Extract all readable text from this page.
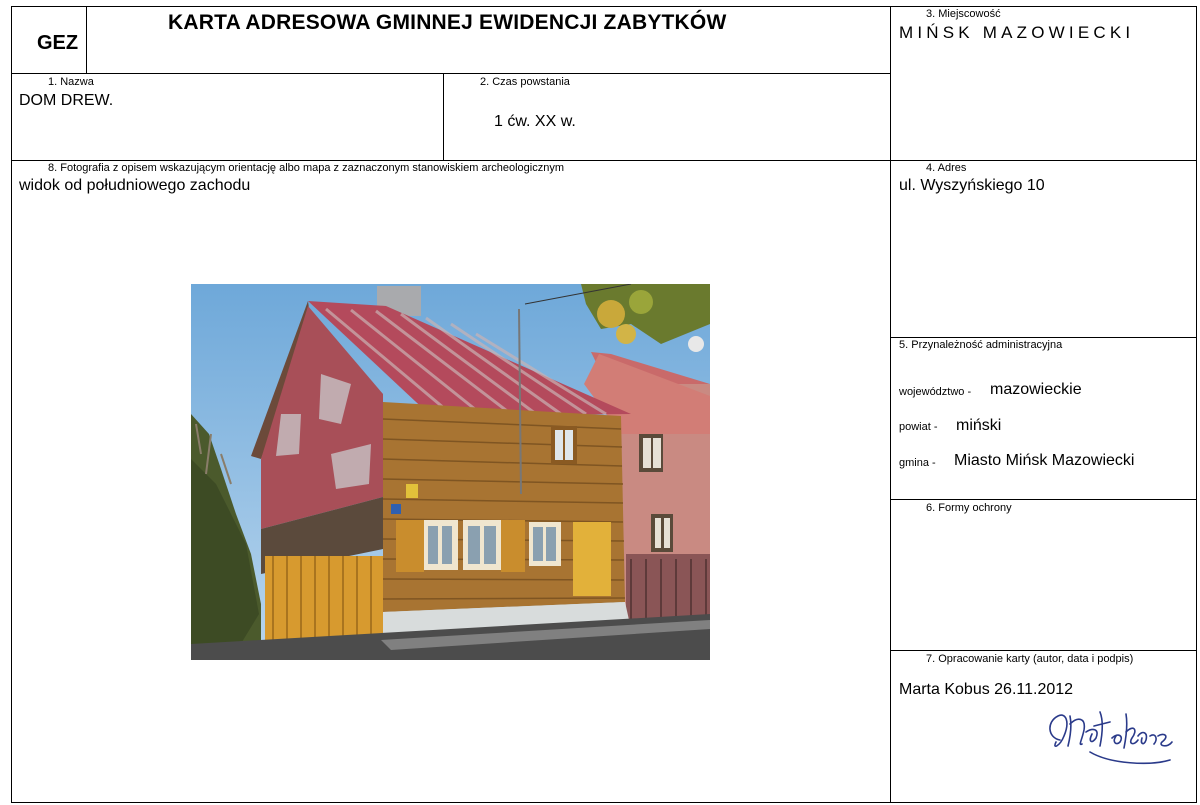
GEZ
KARTA ADRESOWA GMINNEJ EWIDENCJI ZABYTKÓW	3. Miejscowość
MIŃSK MAZOWIECKI
1. Nazwa
DOM DREW.
2. Czas powstania
1 ćw. XX w.
8. Fotografia z opisem wskazującym orientację albo mapa z zaznaczonym stanowiskiem archeologicznym
widok od południowego zachodu
4. Adres
ul. Wyszyńskiego 10
5. Przynależność administracyjna
województwo - mazowieckie
powiat - miński
gmina - Miasto Mińsk Mazowiecki
6. Formy ochrony
7. Opracowanie karty (autor, data i podpis)
Marta Kobus 26.11.2012
